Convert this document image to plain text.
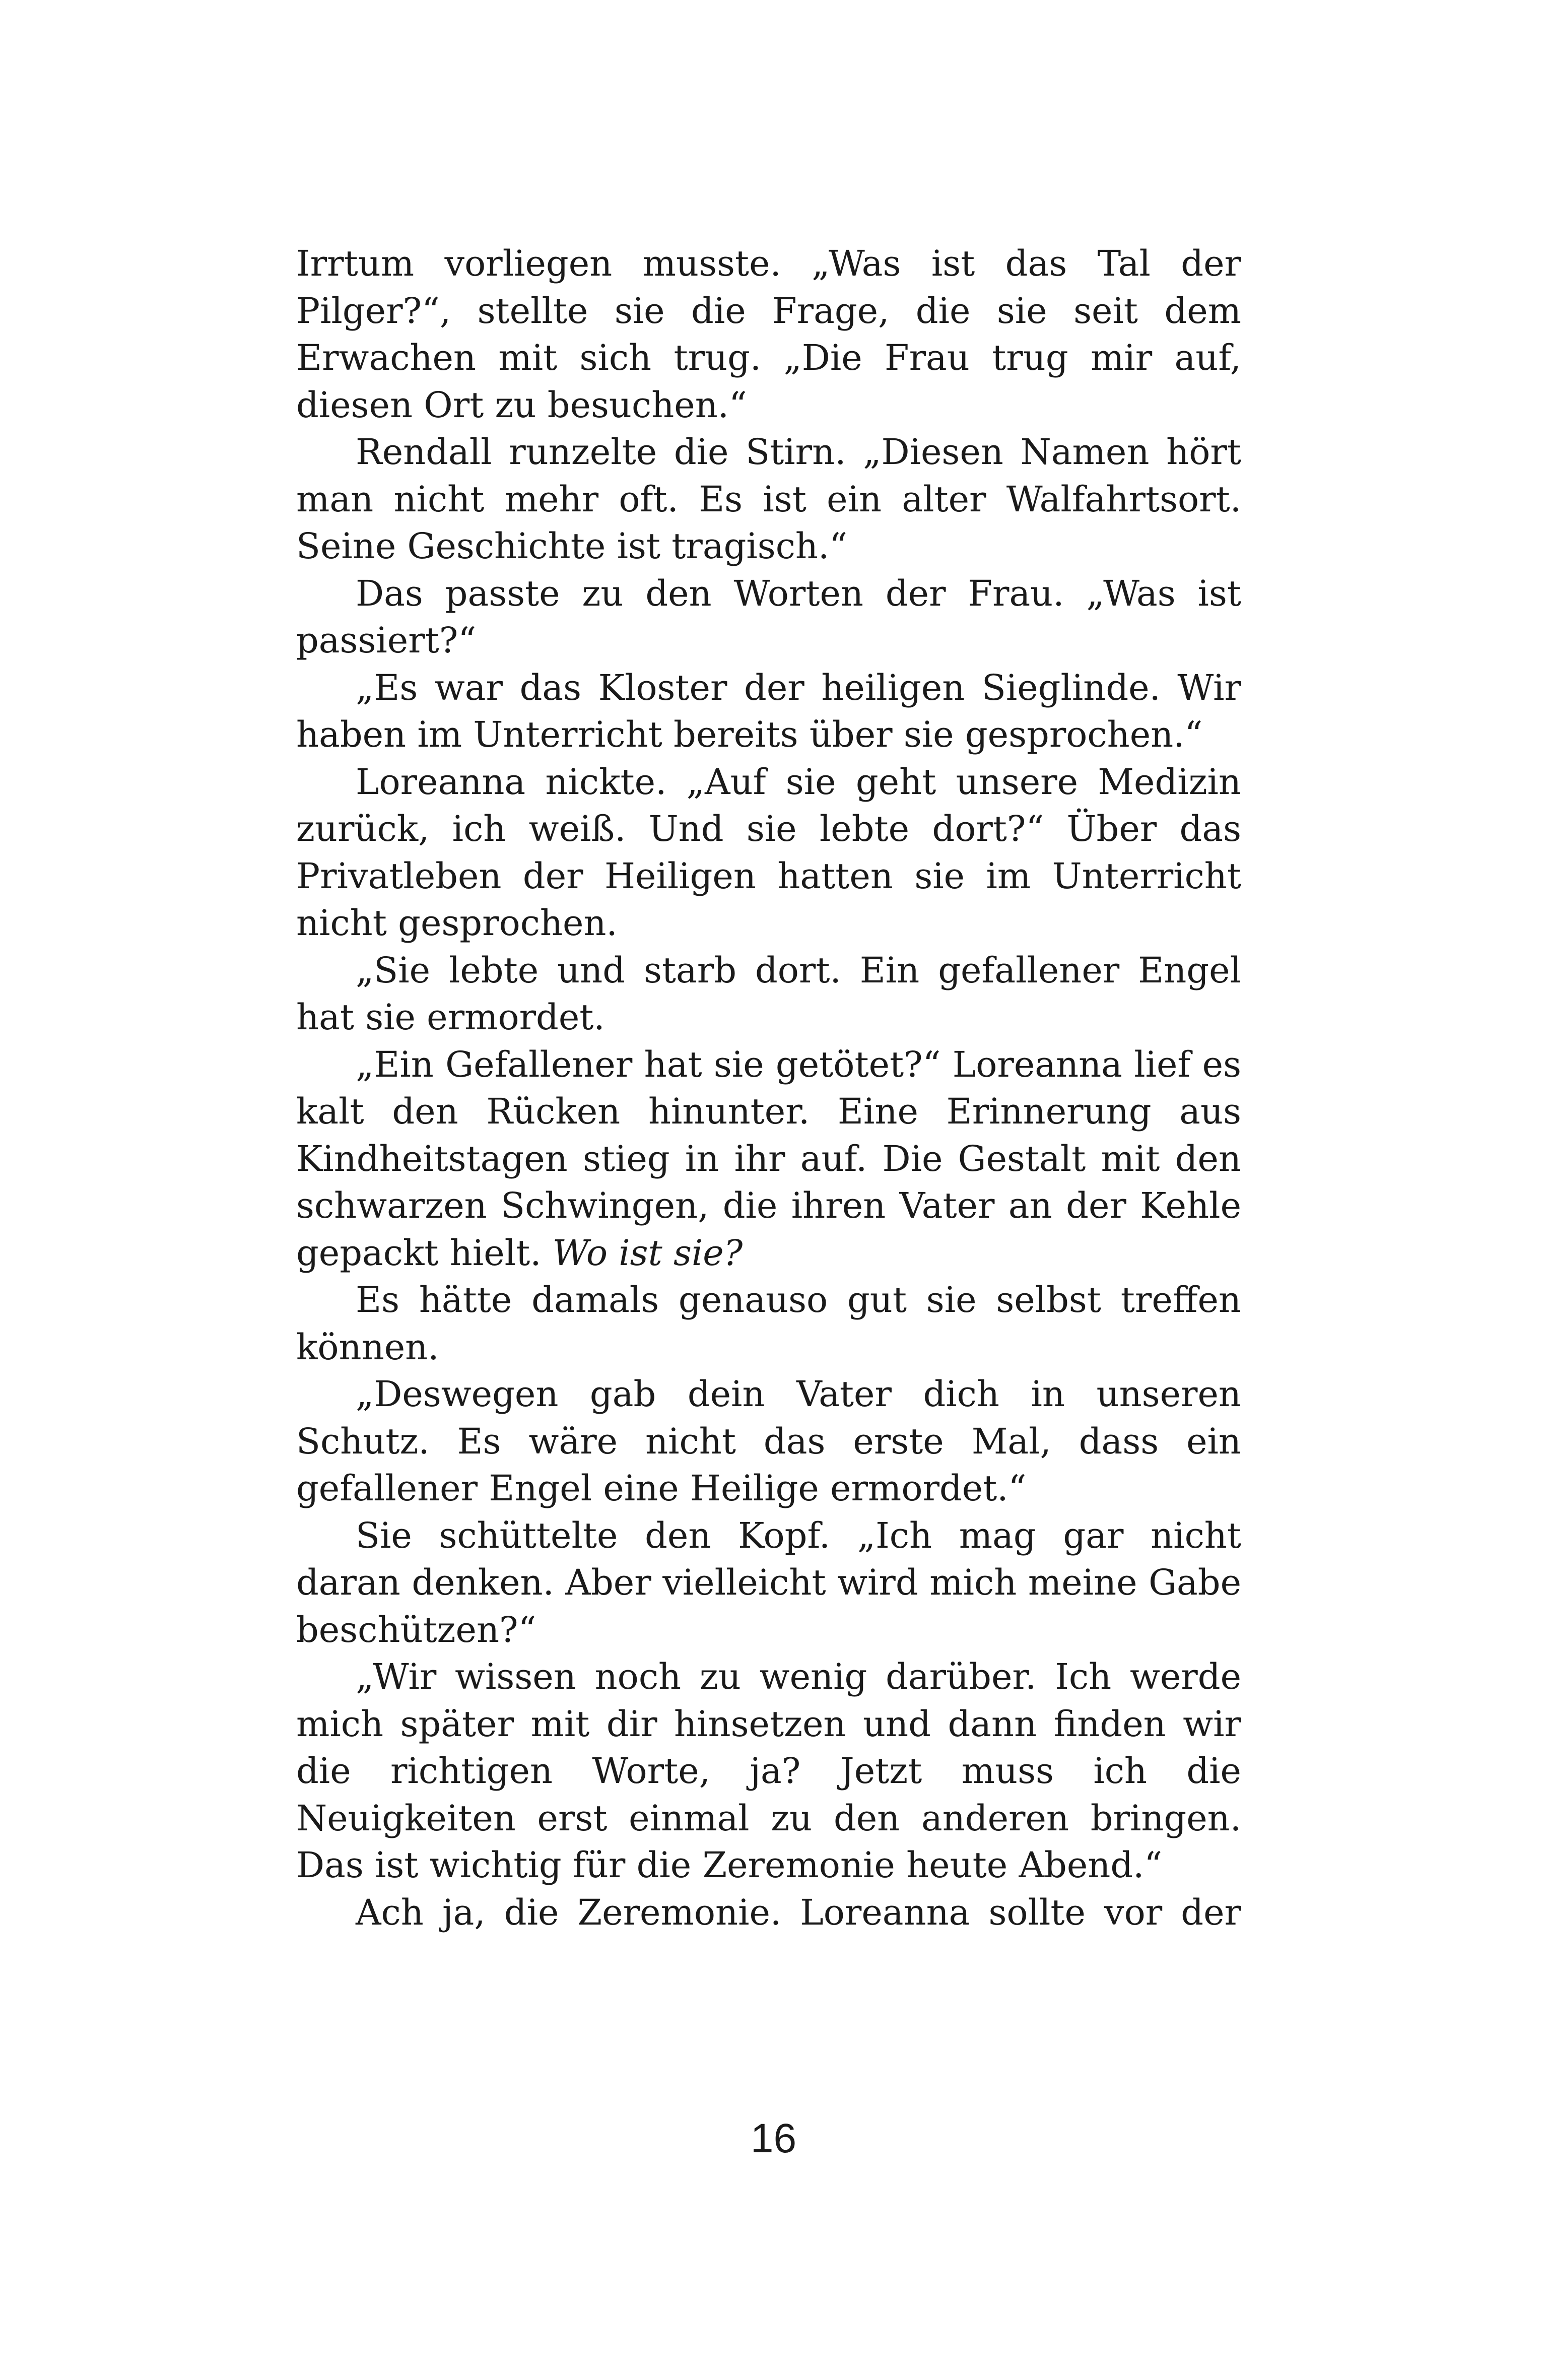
Irrtum vorliegen musste. „Was ist das Tal der Pilger?“, stellte sie die Frage, die sie seit dem Erwachen mit sich trug. „Die Frau trug mir auf, diesen Ort zu besuchen.“

Rendall runzelte die Stirn. „Diesen Namen hört man nicht mehr oft. Es ist ein alter Walfahrtsort. Seine Geschichte ist tragisch.“

Das passte zu den Worten der Frau. „Was ist passiert?“

„Es war das Kloster der heiligen Sieglinde. Wir haben im Unterricht bereits über sie gesprochen.“

Loreanna nickte. „Auf sie geht unsere Medizin zurück, ich weiß. Und sie lebte dort?“ Über das Privatleben der Heiligen hatten sie im Unterricht nicht gesprochen.

„Sie lebte und starb dort. Ein gefallener Engel hat sie ermordet.

„Ein Gefallener hat sie getötet?“ Loreanna lief es kalt den Rücken hinunter. Eine Erinnerung aus Kindheitstagen stieg in ihr auf. Die Gestalt mit den schwarzen Schwingen, die ihren Vater an der Kehle gepackt hielt. Wo ist sie?

Es hätte damals genauso gut sie selbst treffen können.

„Deswegen gab dein Vater dich in unseren Schutz. Es wäre nicht das erste Mal, dass ein gefallener Engel eine Heilige ermordet.“

Sie schüttelte den Kopf. „Ich mag gar nicht daran denken. Aber vielleicht wird mich meine Gabe beschützen?“

„Wir wissen noch zu wenig darüber. Ich werde mich später mit dir hinsetzen und dann finden wir die richtigen Worte, ja? Jetzt muss ich die Neuigkeiten erst einmal zu den anderen bringen. Das ist wichtig für die Zeremonie heute Abend.“

Ach ja, die Zeremonie. Loreanna sollte vor der

16
